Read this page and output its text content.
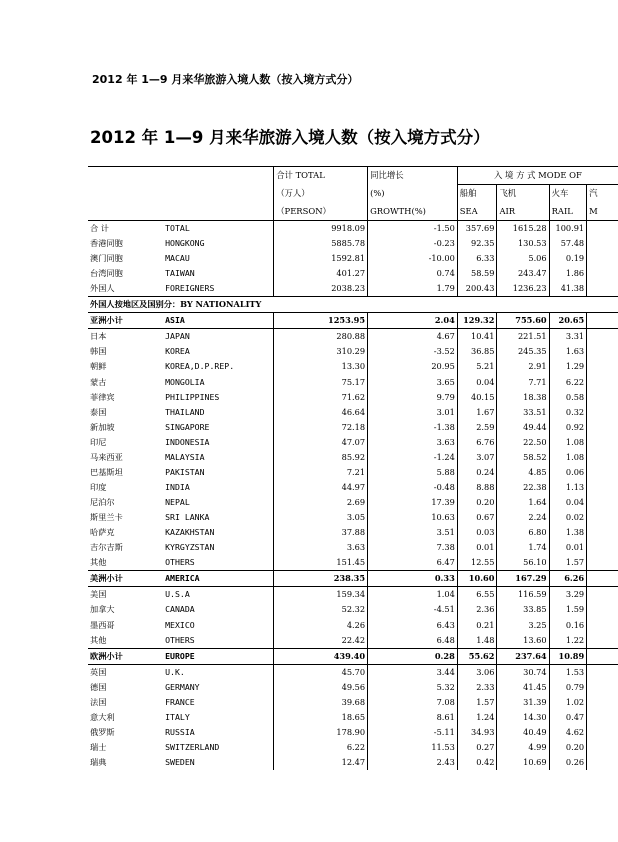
2012 年 1—9 月来华旅游入境人数（按入境方式分）
2012 年 1—9 月来华旅游入境人数（按入境方式分）
		合计 TOTAL	同比增长	入 境 方 式 MODE OF			
		（万人）	(%)	船舶	飞机	火车	汽
		（PERSON）	GROWTH(%)	SEA	AIR	RAIL	M
合 计	TOTAL	9918.09	-1.50	357.69	1615.28	100.91	
香港同胞	HONGKONG	5885.78	-0.23	92.35	130.53	57.48	
澳门同胞	MACAU	1592.81	-10.00	6.33	5.06	0.19	
台湾同胞	TAIWAN	401.27	0.74	58.59	243.47	1.86	
外国人	FOREIGNERS	2038.23	1.79	200.43	1236.23	41.38	
外国人按地区及国别分：BY NATIONALITY							
亚洲小计	ASIA	1253.95	2.04	129.32	755.60	20.65	
日本	JAPAN	280.88	4.67	10.41	221.51	3.31	
韩国	KOREA	310.29	-3.52	36.85	245.35	1.63	
朝鲜	KOREA,D.P.REP.	13.30	20.95	5.21	2.91	1.29	
蒙古	MONGOLIA	75.17	3.65	0.04	7.71	6.22	
菲律宾	PHILIPPINES	71.62	9.79	40.15	18.38	0.58	
泰国	THAILAND	46.64	3.01	1.67	33.51	0.32	
新加坡	SINGAPORE	72.18	-1.38	2.59	49.44	0.92	
印尼	INDONESIA	47.07	3.63	6.76	22.50	1.08	
马来西亚	MALAYSIA	85.92	-1.24	3.07	58.52	1.08	
巴基斯坦	PAKISTAN	7.21	5.88	0.24	4.85	0.06	
印度	INDIA	44.97	-0.48	8.88	22.38	1.13	
尼泊尔	NEPAL	2.69	17.39	0.20	1.64	0.04	
斯里兰卡	SRI LANKA	3.05	10.63	0.67	2.24	0.02	
哈萨克	KAZAKHSTAN	37.88	3.51	0.03	6.80	1.38	
吉尔吉斯	KYRGYZSTAN	3.63	7.38	0.01	1.74	0.01	
其他	OTHERS	151.45	6.47	12.55	56.10	1.57	
美洲小计	AMERICA	238.35	0.33	10.60	167.29	6.26	
美国	U.S.A	159.34	1.04	6.55	116.59	3.29	
加拿大	CANADA	52.32	-4.51	2.36	33.85	1.59	
墨西哥	MEXICO	4.26	6.43	0.21	3.25	0.16	
其他	OTHERS	22.42	6.48	1.48	13.60	1.22	
欧洲小计	EUROPE	439.40	0.28	55.62	237.64	10.89	
英国	U.K.	45.70	3.44	3.06	30.74	1.53	
德国	GERMANY	49.56	5.32	2.33	41.45	0.79	
法国	FRANCE	39.68	7.08	1.57	31.39	1.02	
意大利	ITALY	18.65	8.61	1.24	14.30	0.47	
俄罗斯	RUSSIA	178.90	-5.11	34.93	40.49	4.62	
瑞士	SWITZERLAND	6.22	11.53	0.27	4.99	0.20	
瑞典	SWEDEN	12.47	2.43	0.42	10.69	0.26	
